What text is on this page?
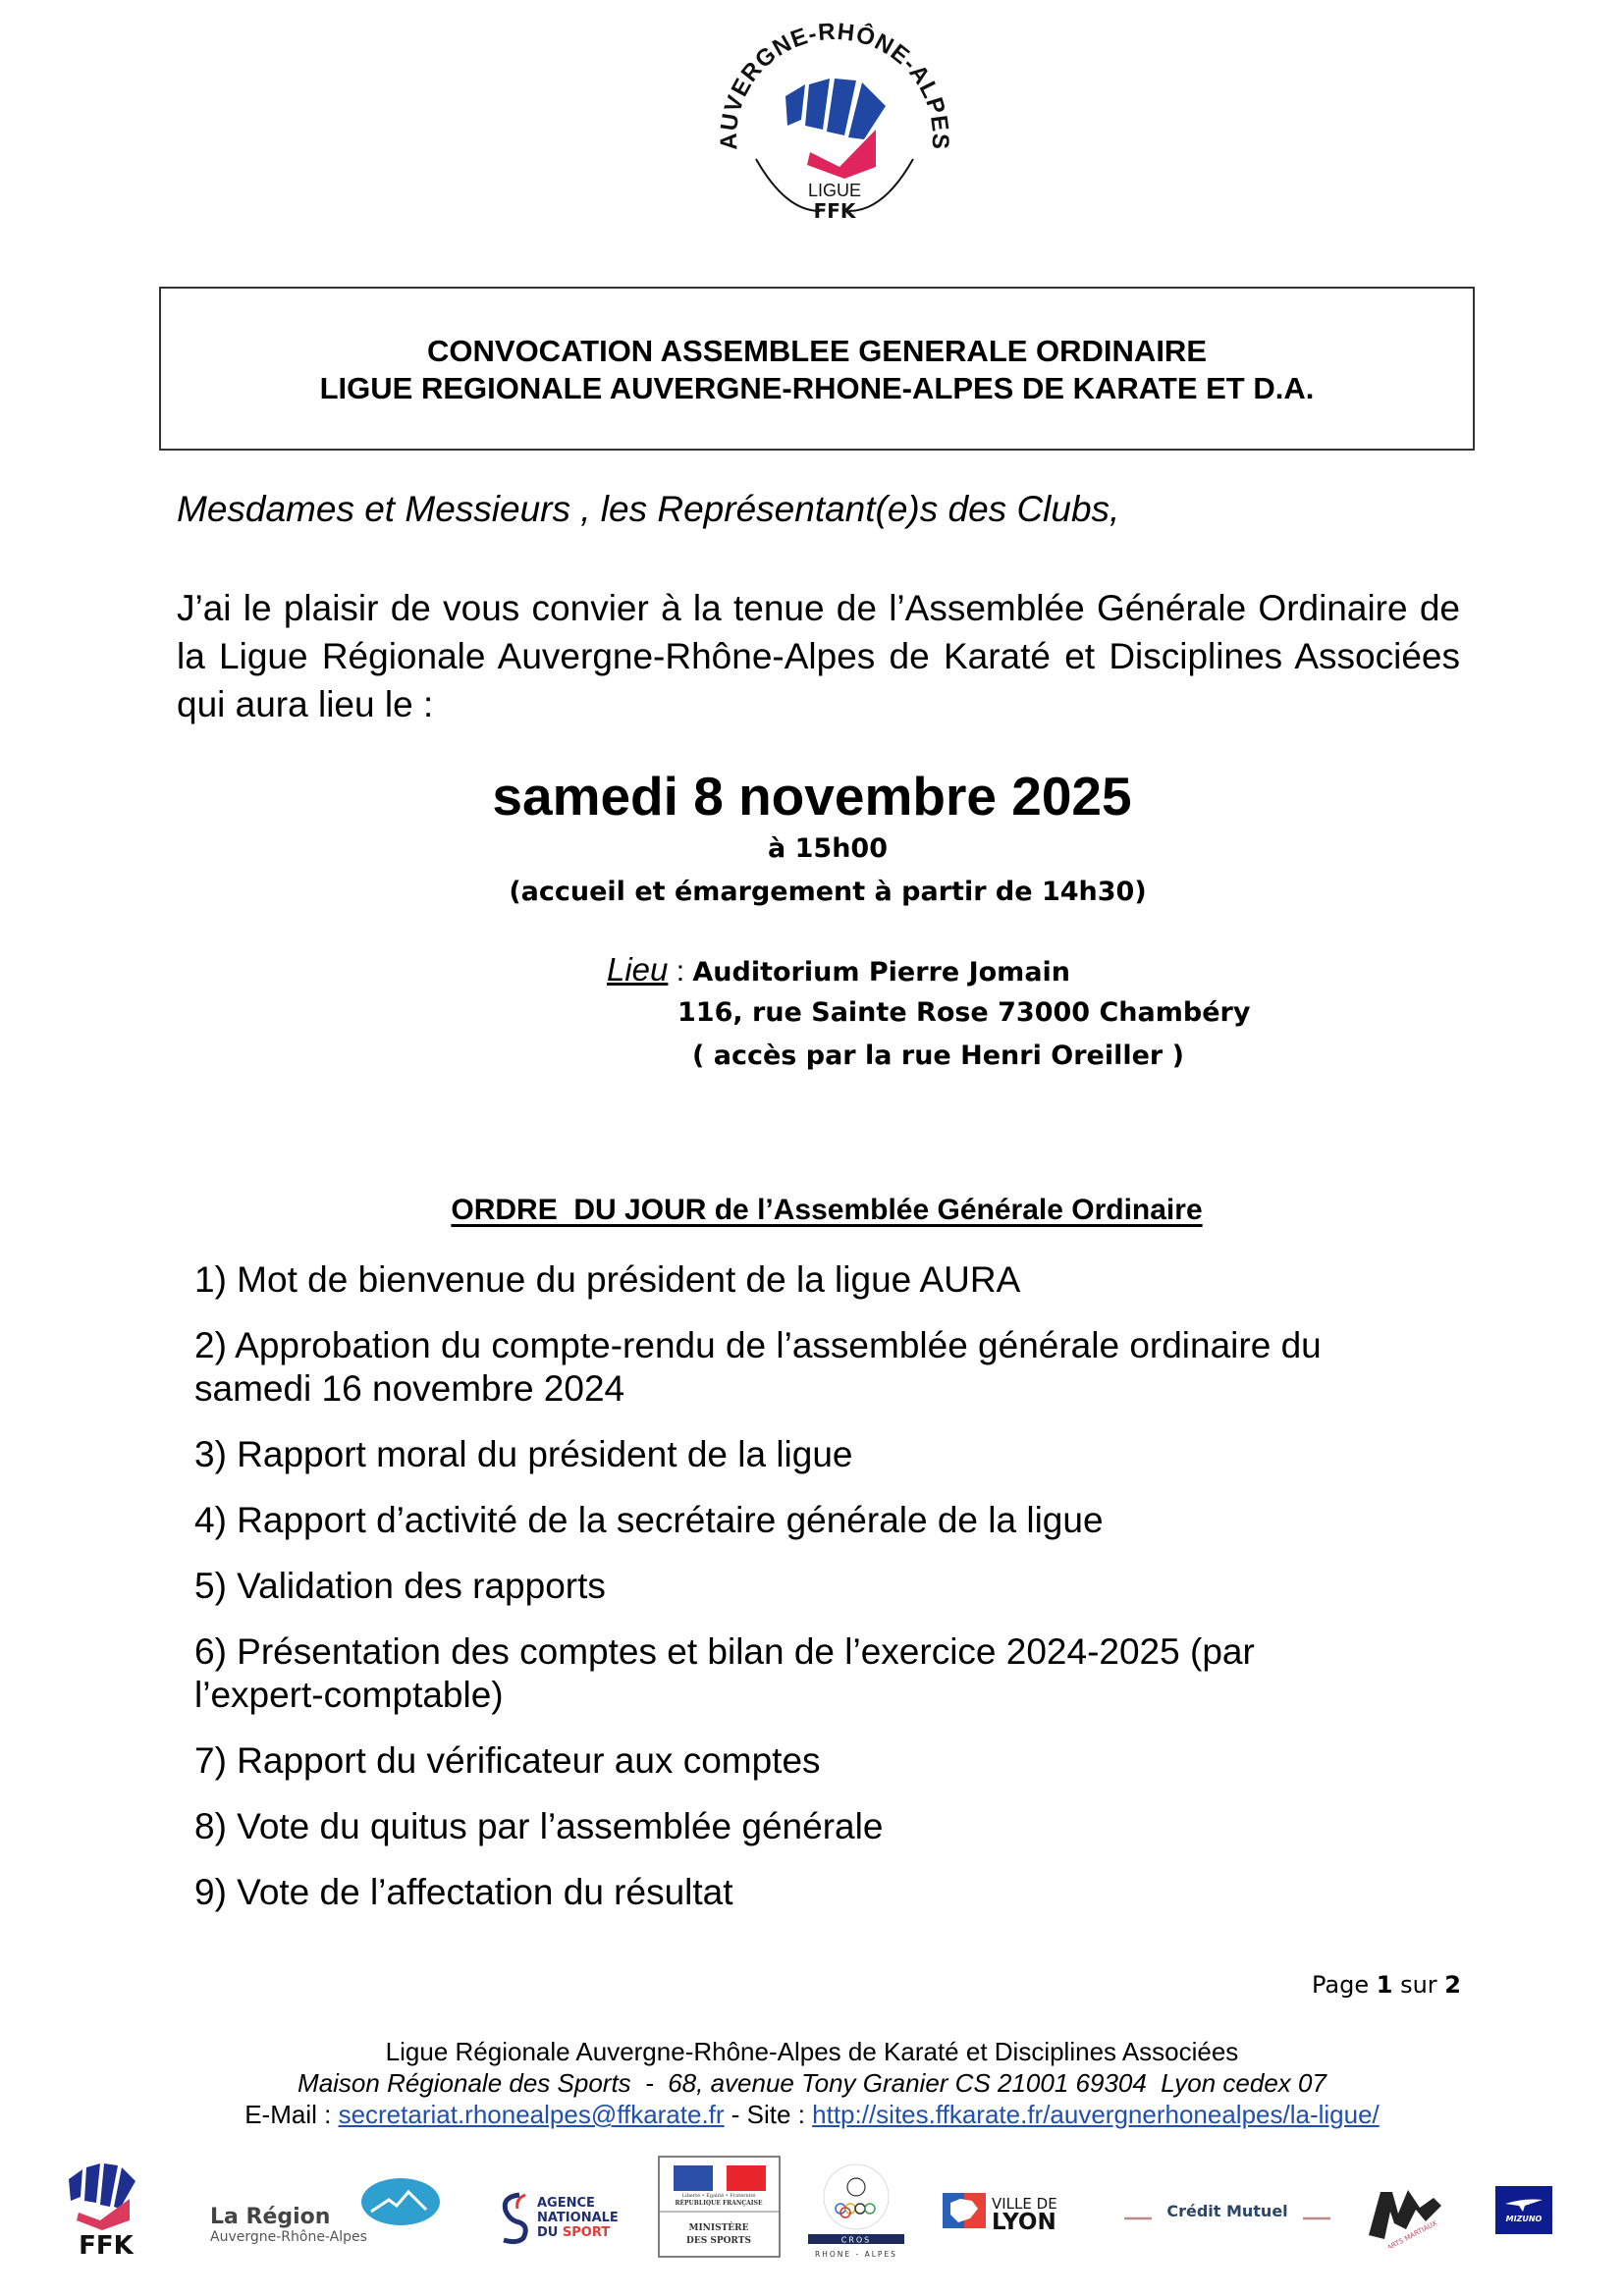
AUVERGNE-RHÔNE-ALPES
LIGUE
FFK
CONVOCATION ASSEMBLEE GENERALE ORDINAIRE
LIGUE REGIONALE AUVERGNE-RHONE-ALPES DE KARATE ET D.A.
Mesdames et Messieurs , les Représentant(e)s des Clubs,
J’ai le plaisir de vous convier à la tenue de l’Assemblée Générale Ordinaire de la Ligue Régionale Auvergne-Rhône-Alpes de Karaté et Disciplines Associées qui aura lieu le :
samedi 8 novembre 2025
à 15h00
(accueil et émargement à partir de 14h30)
Lieu : Auditorium Pierre Jomain
116, rue Sainte Rose 73000 Chambéry
( accès par la rue Henri Oreiller )
ORDRE  DU JOUR de l’Assemblée Générale Ordinaire
1) Mot de bienvenue du président de la ligue AURA
2) Approbation du compte-rendu de l’assemblée générale ordinaire du samedi 16 novembre 2024
3) Rapport moral du président de la ligue
4) Rapport d’activité de la secrétaire générale de la ligue
5) Validation des rapports
6) Présentation des comptes et bilan de l’exercice 2024-2025 (par l’expert-comptable)
7) Rapport du vérificateur aux comptes
8) Vote du quitus par l’assemblée générale
9) Vote de l’affectation du résultat
Page 1 sur 2
Ligue Régionale Auvergne-Rhône-Alpes de Karaté et Disciplines Associées
Maison Régionale des Sports  -  68, avenue Tony Granier CS 21001 69304  Lyon cedex 07
E-Mail : secretariat.rhonealpes@ffkarate.fr - Site : http://sites.ffkarate.fr/auvergnerhonealpes/la-ligue/
FFK
La Région
Auvergne-Rhône-Alpes
AGENCE
NATIONALE
DU SPORT
Liberté • Égalité • Fraternité
RÉPUBLIQUE FRANÇAISE
MINISTÈRE
DES SPORTS	CROS
RHONE - ALPES
VILLE DE
LYON	Crédit Mutuel
ARTS MARTIAUX
MIZUNO
